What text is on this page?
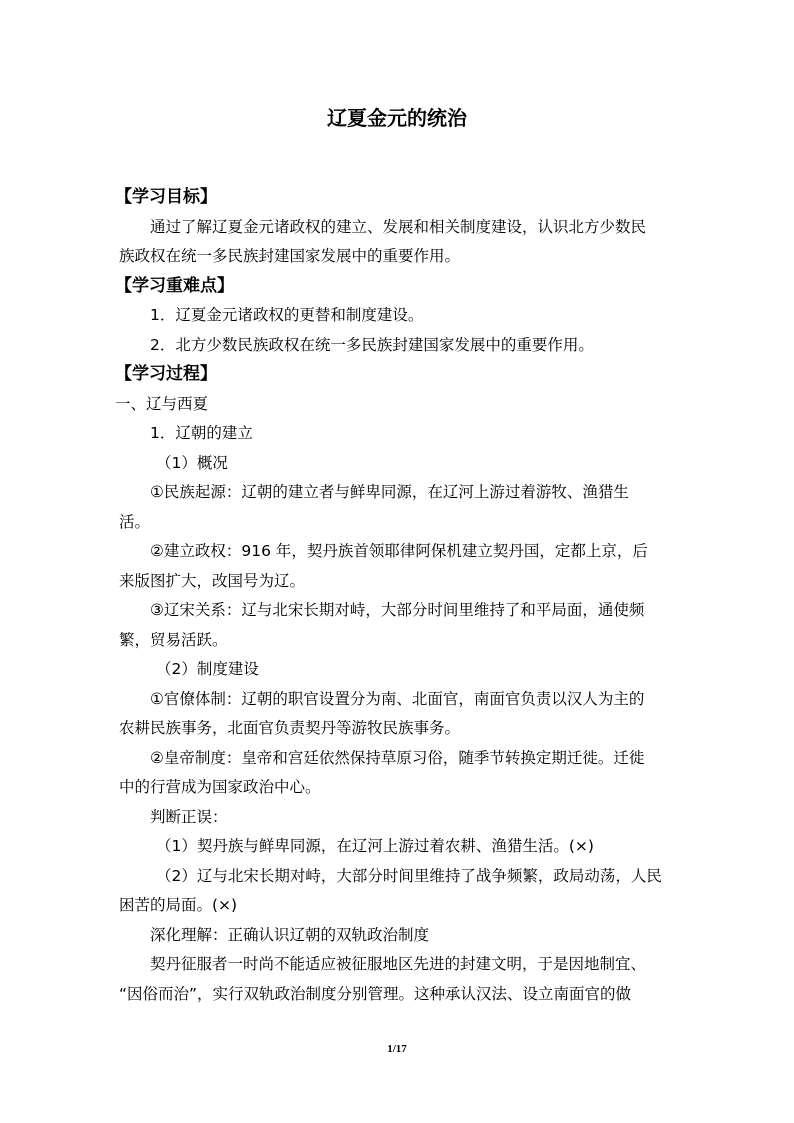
辽夏金元的统治
【学习目标】
通过了解辽夏金元诸政权的建立、发展和相关制度建设，认识北方少数民
族政权在统一多民族封建国家发展中的重要作用。
【学习重难点】
1．辽夏金元诸政权的更替和制度建设。
2．北方少数民族政权在统一多民族封建国家发展中的重要作用。
【学习过程】
一、辽与西夏
1．辽朝的建立
（1）概况
①民族起源：辽朝的建立者与鲜卑同源，在辽河上游过着游牧、渔猎生
活。
②建立政权：916 年，契丹族首领耶律阿保机建立契丹国，定都上京，后
来版图扩大，改国号为辽。
③辽宋关系：辽与北宋长期对峙，大部分时间里维持了和平局面，通使频
繁，贸易活跃。
（2）制度建设
①官僚体制：辽朝的职官设置分为南、北面官，南面官负责以汉人为主的
农耕民族事务，北面官负责契丹等游牧民族事务。
②皇帝制度：皇帝和宫廷依然保持草原习俗，随季节转换定期迁徙。迁徙
中的行营成为国家政治中心。
判断正误：
（1）契丹族与鲜卑同源，在辽河上游过着农耕、渔猎生活。(×)
（2）辽与北宋长期对峙，大部分时间里维持了战争频繁，政局动荡，人民
困苦的局面。(×)
深化理解：正确认识辽朝的双轨政治制度
契丹征服者一时尚不能适应被征服地区先进的封建文明，于是因地制宜、
“因俗而治”，实行双轨政治制度分别管理。这种承认汉法、设立南面官的做
1/17
